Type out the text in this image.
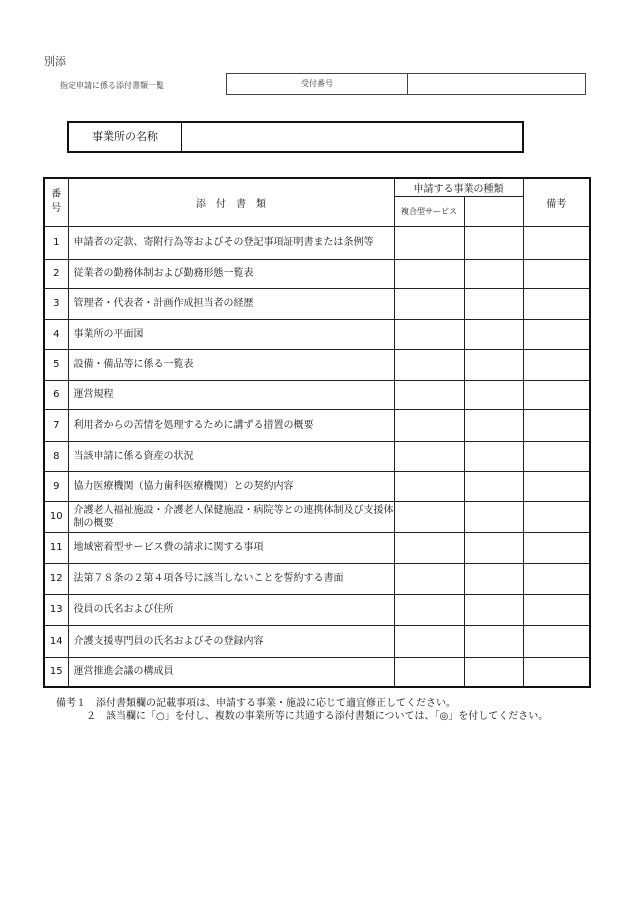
別添
指定申請に係る添付書類一覧	受付番号
事業所の名称
番
号	添　付　書　類	申請する事業の種類		備考
		複合型サービス		
1	申請者の定款、寄附行為等およびその登記事項証明書または条例等			
2	従業者の勤務体制および勤務形態一覧表			
3	管理者・代表者・計画作成担当者の経歴			
4	事業所の平面図			
5	設備・備品等に係る一覧表			
6	運営規程			
7	利用者からの苦情を処理するために講ずる措置の概要			
8	当該申請に係る資産の状況			
9	協力医療機関（協力歯科医療機関）との契約内容			
10	介護老人福祉施設・介護老人保健施設・病院等との連携体制及び支援体制の概要			
11	地域密着型サービス費の請求に関する事項			
12	法第７８条の２第４項各号に該当しないことを誓約する書面			
13	役員の氏名および住所			
14	介護支援専門員の氏名およびその登録内容			
15	運営推進会議の構成員			
備考１　添付書類欄の記載事項は、申請する事業・施設に応じて適宜修正してください。
　　　２　該当欄に「○」を付し、複数の事業所等に共通する添付書類については、「◎」を付してください。
